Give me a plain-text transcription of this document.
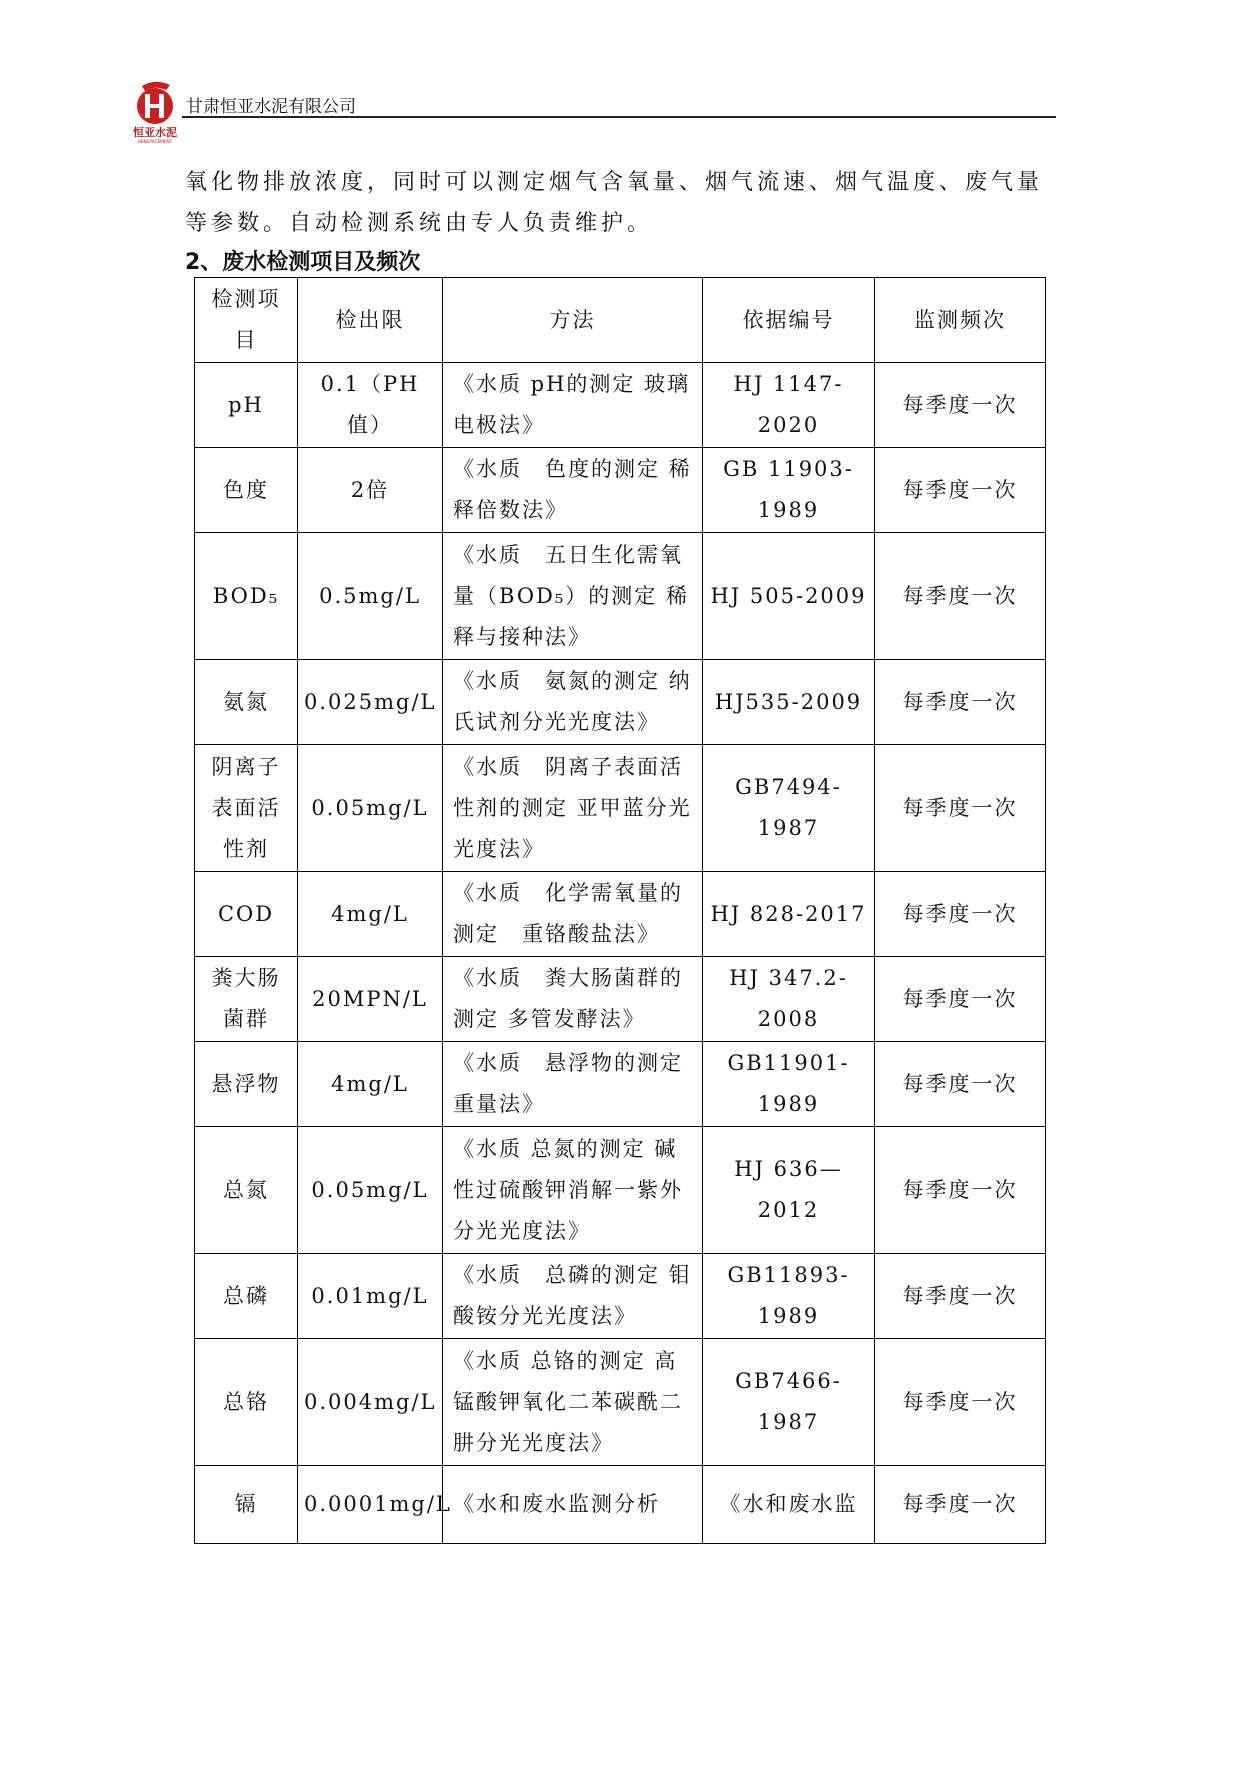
恒亚水泥
HENGYACEMENT
甘肃恒亚水泥有限公司
氧化物排放浓度，同时可以测定烟气含氧量、烟气流速、烟气温度、废气量等参数。自动检测系统由专人负责维护。
2、废水检测项目及频次
检测项目	检出限	方法	依据编号	监测频次
pH	0.1（PH值）	《水质 pH的测定 玻璃电极法》	HJ 1147-2020	每季度一次
色度	2倍	《水质　色度的测定 稀释倍数法》	GB 11903-1989	每季度一次
BOD₅	0.5mg/L	《水质　五日生化需氧量（BOD₅）的测定 稀释与接种法》	HJ 505-2009	每季度一次
氨氮	0.025mg/L	《水质　氨氮的测定 纳氏试剂分光光度法》	HJ535-2009	每季度一次
阴离子表面活性剂	0.05mg/L	《水质　阴离子表面活性剂的测定 亚甲蓝分光光度法》	GB7494-1987	每季度一次
COD	4mg/L	《水质　化学需氧量的测定　重铬酸盐法》	HJ 828-2017	每季度一次
粪大肠菌群	20MPN/L	《水质　粪大肠菌群的测定 多管发酵法》	HJ 347.2-2008	每季度一次
悬浮物	4mg/L	《水质　悬浮物的测定 重量法》	GB11901-1989	每季度一次
总氮	0.05mg/L	《水质 总氮的测定 碱性过硫酸钾消解一紫外分光光度法》	HJ 636—2012	每季度一次
总磷	0.01mg/L	《水质　总磷的测定 钼酸铵分光光度法》	GB11893-1989	每季度一次
总铬	0.004mg/L	《水质 总铬的测定 高锰酸钾氧化二苯碳酰二肼分光光度法》	GB7466-1987	每季度一次
镉	0.0001mg/L	《水和废水监测分析	《水和废水监	每季度一次
